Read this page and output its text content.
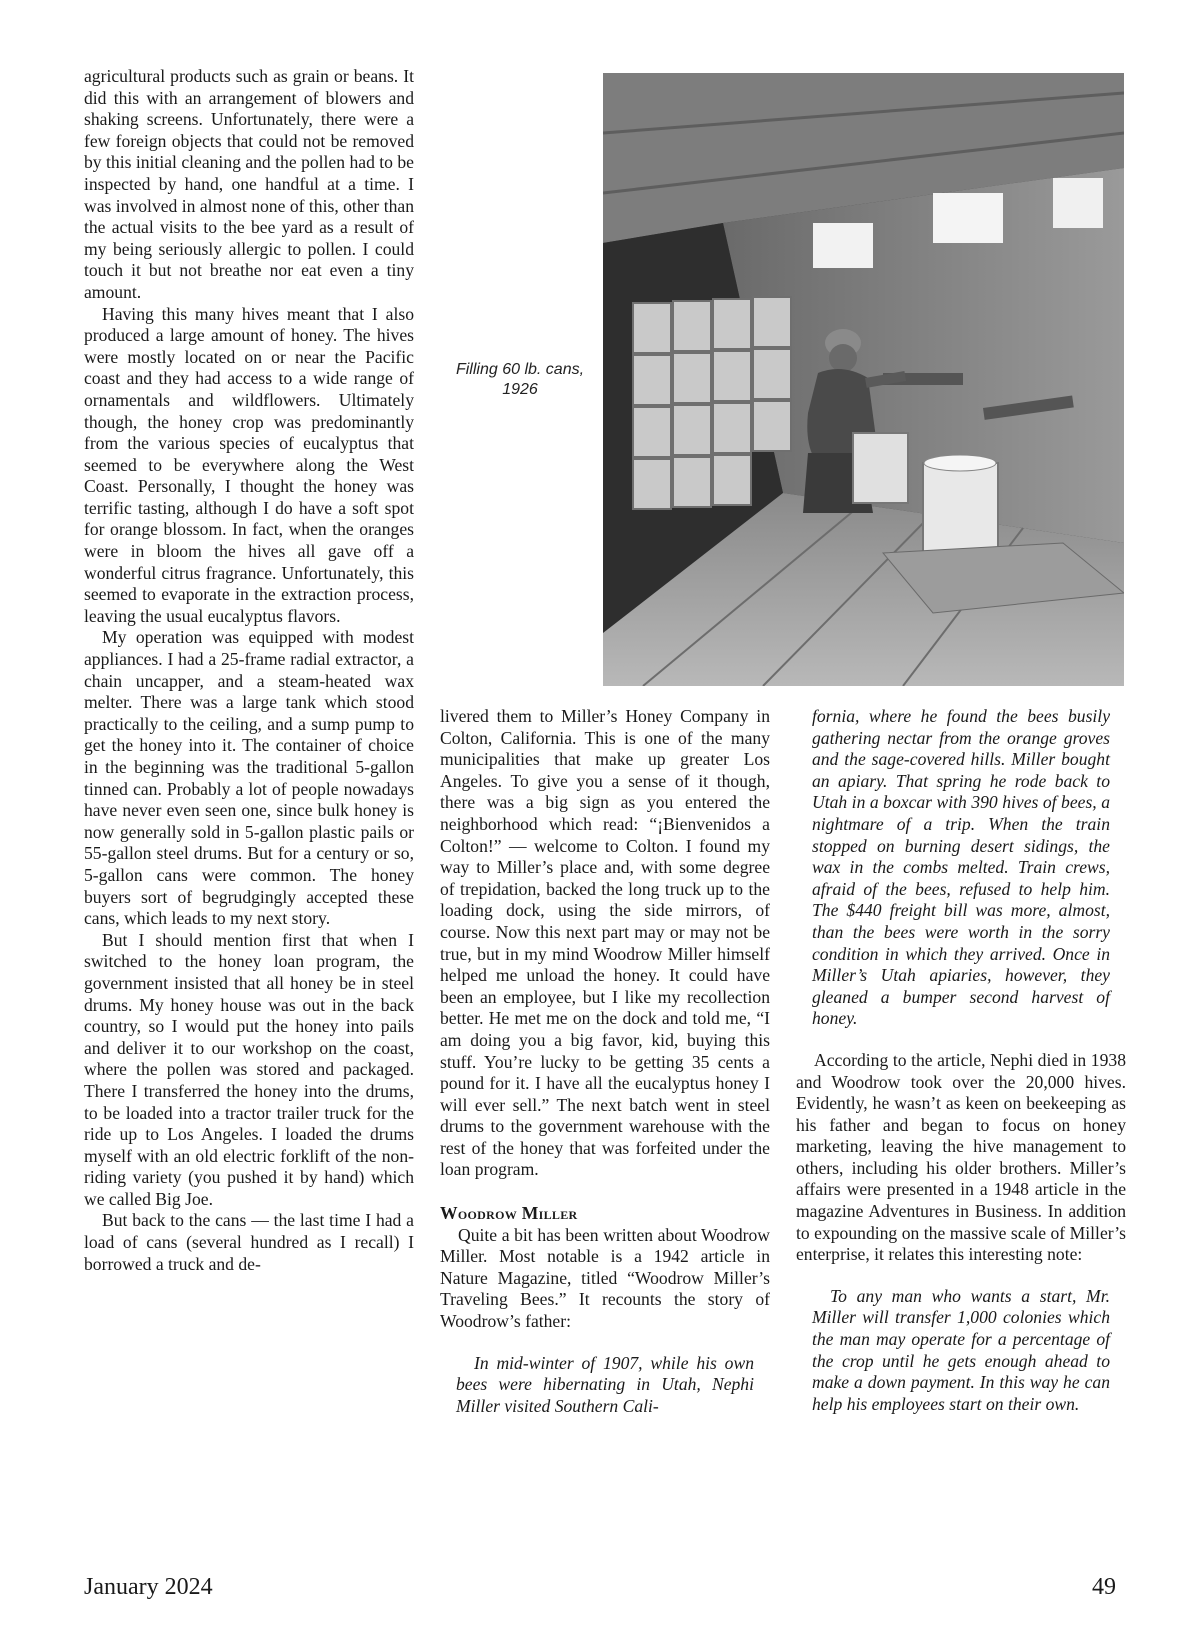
agricultural products such as grain or beans. It did this with an arrangement of blowers and shaking screens. Unfortunately, there were a few foreign objects that could not be removed by this initial cleaning and the pollen had to be inspected by hand, one handful at a time. I was involved in almost none of this, other than the actual visits to the bee yard as a result of my being seriously allergic to pollen. I could touch it but not breathe nor eat even a tiny amount.

Having this many hives meant that I also produced a large amount of honey. The hives were mostly located on or near the Pacific coast and they had access to a wide range of ornamentals and wildflowers. Ultimately though, the honey crop was predominantly from the various species of eucalyptus that seemed to be everywhere along the West Coast. Personally, I thought the honey was terrific tasting, although I do have a soft spot for orange blossom. In fact, when the oranges were in bloom the hives all gave off a wonderful citrus fragrance. Unfortunately, this seemed to evaporate in the extraction process, leaving the usual eucalyptus flavors.

My operation was equipped with modest appliances. I had a 25-frame radial extractor, a chain uncapper, and a steam-heated wax melter. There was a large tank which stood practically to the ceiling, and a sump pump to get the honey into it. The container of choice in the beginning was the traditional 5-gallon tinned can. Probably a lot of people nowadays have never even seen one, since bulk honey is now generally sold in 5-gallon plastic pails or 55-gallon steel drums. But for a century or so, 5-gallon cans were common. The honey buyers sort of begrudgingly accepted these cans, which leads to my next story.

But I should mention first that when I switched to the honey loan program, the government insisted that all honey be in steel drums. My honey house was out in the back country, so I would put the honey into pails and deliver it to our workshop on the coast, where the pollen was stored and packaged. There I transferred the honey into the drums, to be loaded into a tractor trailer truck for the ride up to Los Angeles. I loaded the drums myself with an old electric forklift of the non-riding variety (you pushed it by hand) which we called Big Joe.

But back to the cans — the last time I had a load of cans (several hundred as I recall) I borrowed a truck and de-

Filling 60 lb. cans, 1926

livered them to Miller’s Honey Company in Colton, California. This is one of the many municipalities that make up greater Los Angeles. To give you a sense of it though, there was a big sign as you entered the neighborhood which read: “¡Bienvenidos a Colton!” — welcome to Colton. I found my way to Miller’s place and, with some degree of trepidation, backed the long truck up to the loading dock, using the side mirrors, of course. Now this next part may or may not be true, but in my mind Woodrow Miller himself helped me unload the honey. It could have been an employee, but I like my recollection better. He met me on the dock and told me, “I am doing you a big favor, kid, buying this stuff. You’re lucky to be getting 35 cents a pound for it. I have all the eucalyptus honey I will ever sell.” The next batch went in steel drums to the government warehouse with the rest of the honey that was forfeited under the loan program.

Woodrow Miller

Quite a bit has been written about Woodrow Miller. Most notable is a 1942 article in Nature Magazine, titled “Woodrow Miller’s Traveling Bees.” It recounts the story of Woodrow’s father:

In mid-winter of 1907, while his own bees were hibernating in Utah, Nephi Miller visited Southern Cali-

fornia, where he found the bees busily gathering nectar from the orange groves and the sage-covered hills. Miller bought an apiary. That spring he rode back to Utah in a boxcar with 390 hives of bees, a nightmare of a trip. When the train stopped on burning desert sidings, the wax in the combs melted. Train crews, afraid of the bees, refused to help him. The $440 freight bill was more, almost, than the bees were worth in the sorry condition in which they arrived. Once in Miller’s Utah apiaries, however, they gleaned a bumper second harvest of honey.

According to the article, Nephi died in 1938 and Woodrow took over the 20,000 hives. Evidently, he wasn’t as keen on beekeeping as his father and began to focus on honey marketing, leaving the hive management to others, including his older brothers. Miller’s affairs were presented in a 1948 article in the magazine Adventures in Business. In addition to expounding on the massive scale of Miller’s enterprise, it relates this interesting note:

To any man who wants a start, Mr. Miller will transfer 1,000 colonies which the man may operate for a percentage of the crop until he gets enough ahead to make a down payment. In this way he can help his employees start on their own.

January 2024	49
